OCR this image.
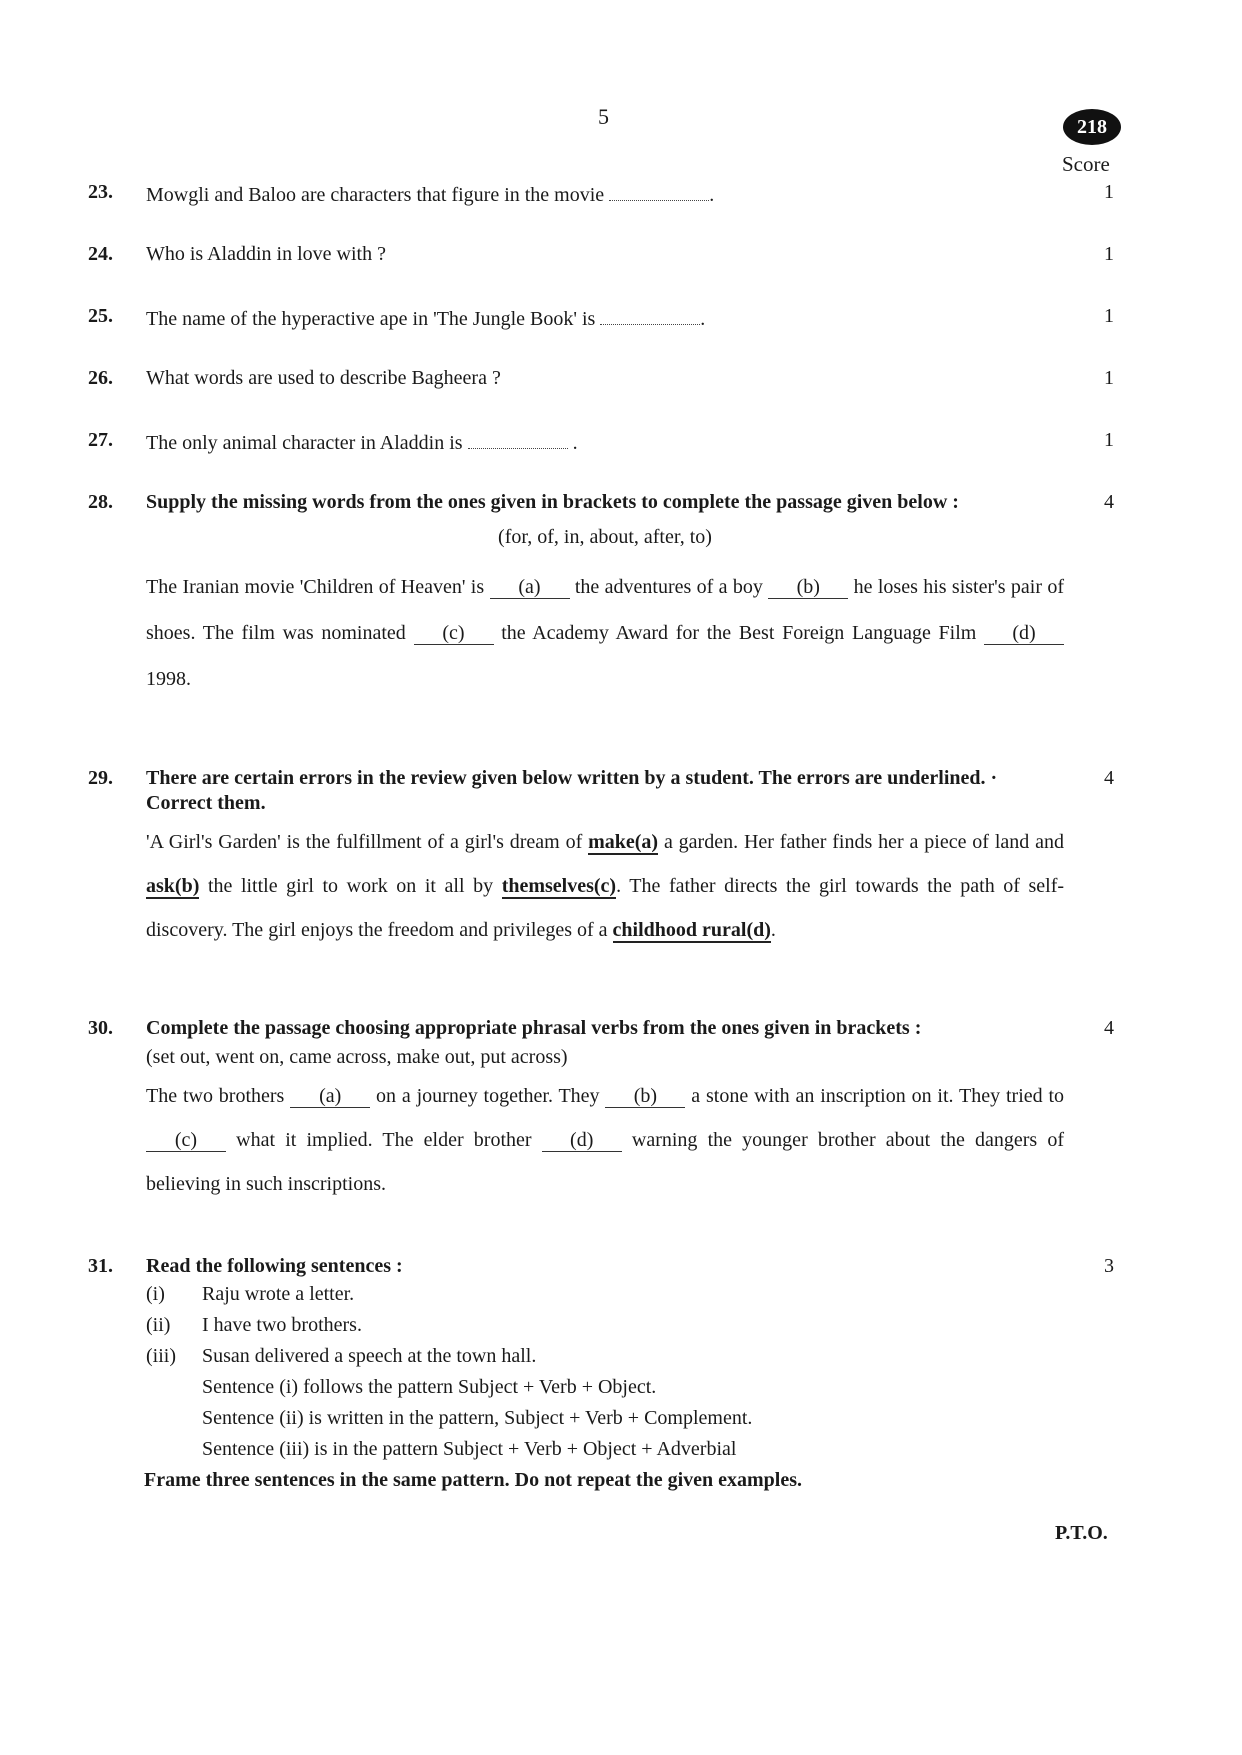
5	218
Score
23. Mowgli and Baloo are characters that figure in the movie	.	1
24. Who is Aladdin in love with ?	1
25. The name of the hyperactive ape in 'The Jungle Book' is	.	1
26. What words are used to describe Bagheera ?	1
27. The only animal character in Aladdin is	.	1
28. Supply the missing words from the ones given in brackets to complete the passage given below :
(for, of, in, about, after, to)
The Iranian movie 'Children of Heaven' is (a) the adventures of a boy (b) he loses his sister's pair of shoes. The film was nominated (c) the Academy Award for the Best Foreign Language Film (d) 1998.
4
29. There are certain errors in the review given below written by a student. The errors are underlined. · Correct them.
'A Girl's Garden' is the fulfillment of a girl's dream of make(a) a garden. Her father finds her a piece of land and ask(b) the little girl to work on it all by themselves(c). The father directs the girl towards the path of self-discovery. The girl enjoys the freedom and privileges of a childhood rural(d).
4
30. Complete the passage choosing appropriate phrasal verbs from the ones given in brackets :
(set out, went on, came across, make out, put across)
The two brothers (a) on a journey together. They (b) a stone with an inscription on it. They tried to (c) what it implied. The elder brother (d) warning the younger brother about the dangers of believing in such inscriptions.
4
31. Read the following sentences :
(i)	Raju wrote a letter.
(ii)	I have two brothers.
(iii)	Susan delivered a speech at the town hall.
Sentence (i) follows the pattern Subject + Verb + Object.
Sentence (ii) is written in the pattern, Subject + Verb + Complement.
Sentence (iii) is in the pattern Subject + Verb + Object + Adverbial
Frame three sentences in the same pattern. Do not repeat the given examples.
3
P.T.O.
